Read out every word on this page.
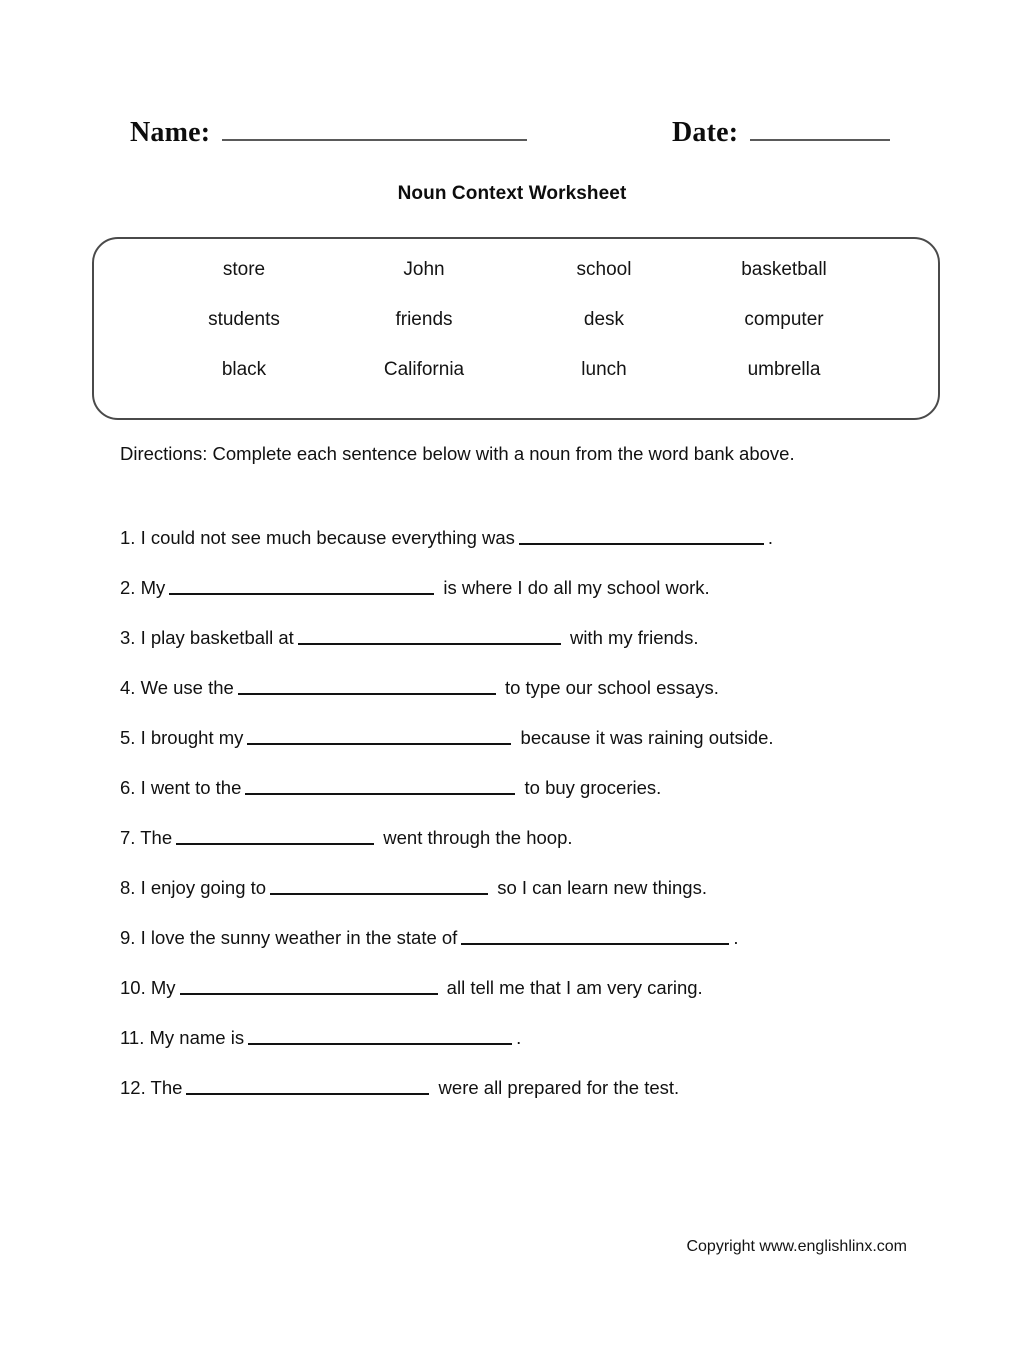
Name:	Date:
Noun Context Worksheet
store	John	school	basketball
students	friends	desk	computer
black	California	lunch	umbrella
Directions: Complete each sentence below with a noun from the word bank above.
1. I could not see much because everything was	.
2. My	is where I do all my school work.
3. I play basketball at	with my friends.
4. We use the	to type our school essays.
5. I brought my	because it was raining outside.
6. I went to the	to buy groceries.
7. The	went through the hoop.
8. I enjoy going to	so I can learn new things.
9. I love the sunny weather in the state of	.
10. My	all tell me that I am very caring.
11. My name is	.
12. The	were all prepared for the test.
Copyright www.englishlinx.com
